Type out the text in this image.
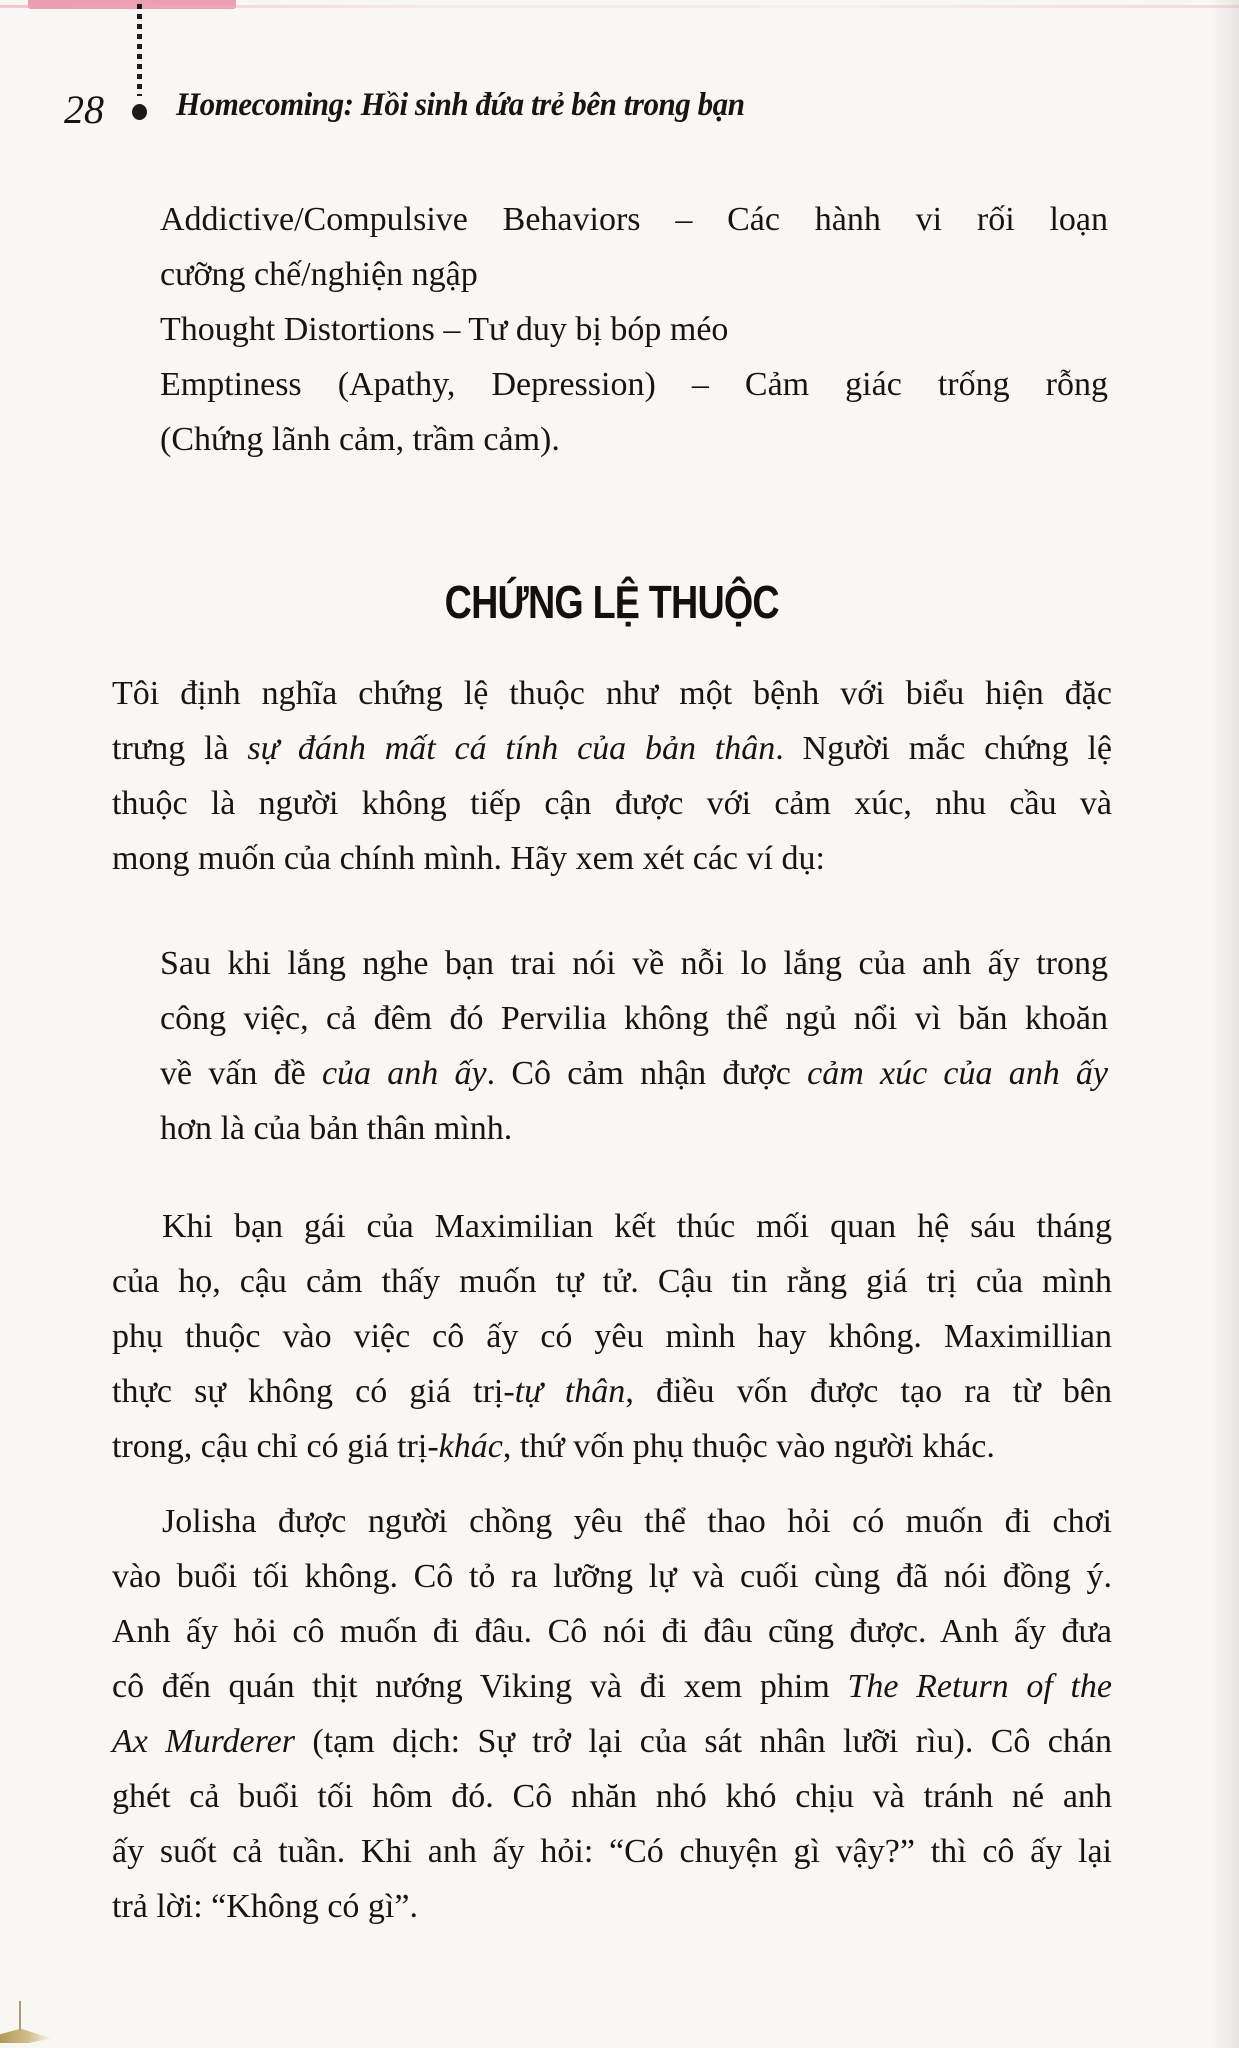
28 Homecoming: Hồi sinh đứa trẻ bên trong bạn
Addictive/Compulsive Behaviors – Các hành vi rối loạn
cưỡng chế/nghiện ngập
Thought Distortions – Tư duy bị bóp méo
Emptiness (Apathy, Depression) – Cảm giác trống rỗng
(Chứng lãnh cảm, trầm cảm).
CHỨNG LỆ THUỘC
Tôi định nghĩa chứng lệ thuộc như một bệnh với biểu hiện đặc
trưng là sự đánh mất cá tính của bản thân. Người mắc chứng lệ
thuộc là người không tiếp cận được với cảm xúc, nhu cầu và
mong muốn của chính mình. Hãy xem xét các ví dụ:
Sau khi lắng nghe bạn trai nói về nỗi lo lắng của anh ấy trong
công việc, cả đêm đó Pervilia không thể ngủ nổi vì băn khoăn
về vấn đề của anh ấy. Cô cảm nhận được cảm xúc của anh ấy
hơn là của bản thân mình.
Khi bạn gái của Maximilian kết thúc mối quan hệ sáu tháng
của họ, cậu cảm thấy muốn tự tử. Cậu tin rằng giá trị của mình
phụ thuộc vào việc cô ấy có yêu mình hay không. Maximillian
thực sự không có giá trị-tự thân, điều vốn được tạo ra từ bên
trong, cậu chỉ có giá trị-khác, thứ vốn phụ thuộc vào người khác.
Jolisha được người chồng yêu thể thao hỏi có muốn đi chơi
vào buổi tối không. Cô tỏ ra lưỡng lự và cuối cùng đã nói đồng ý.
Anh ấy hỏi cô muốn đi đâu. Cô nói đi đâu cũng được. Anh ấy đưa
cô đến quán thịt nướng Viking và đi xem phim The Return of the
Ax Murderer (tạm dịch: Sự trở lại của sát nhân lưỡi rìu). Cô chán
ghét cả buổi tối hôm đó. Cô nhăn nhó khó chịu và tránh né anh
ấy suốt cả tuần. Khi anh ấy hỏi: “Có chuyện gì vậy?” thì cô ấy lại
trả lời: “Không có gì”.
